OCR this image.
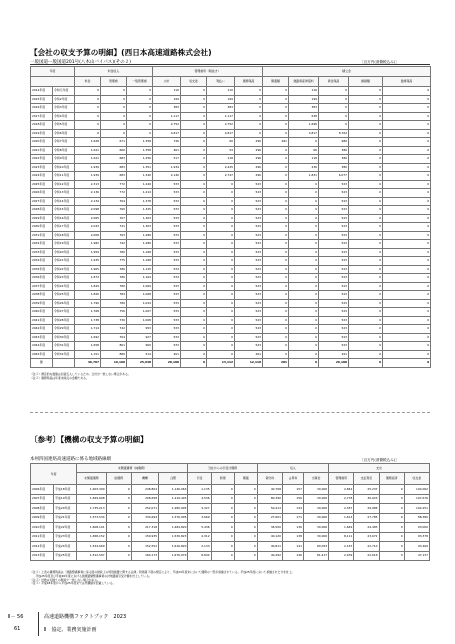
【会社の収支予算の明細】(西日本高速道路株式会社)
一般国道ー般国道201号(八木山バイパス)(その２)	［百万円(消費税込み)］
年度		料金収入			管理費用（税抜き）				積立金				
		料金	管理費	一般管理費	小計	収支差	利払い	債務残高	償還額	道路資産賃借料	資金残高	繰越額	最終残高
2014年度	令和元年度	0	0	0	110	0	110	0	0	116	0	0	0
2015年度	令和2年度	0	0	0	199	0	199	0	0	199	0	0	0
2016年度	令和3年度	0	0	0	383	0	383	0	0	383	0	0	0
2017年度	令和4年度	0	0	0	1,117	0	1,117	0	0	638	0	0	0
2018年度	令和5年度	0	0	0	2,752	0	2,752	0	0	1,696	0	0	0
2019年度	令和6年度	0	0	0	4,817	0	4,817	0	0	4,817	8,764	0	0
2020年度	令和7年度	1,628	671	1,358	746	0	60	296	281	0	980	0	0
2021年度	令和8年度	1,621	660	1,358	461	0	53	296	0	66	380	0	0
2022年度	令和9年度	1,621	683	1,256	517	0	118	296	0	118	380	0	0
2023年度	令和10年度	1,939	683	1,351	1,934	0	2,425	296	0	236	380	0	0
2024年度	令和11年度	1,939	683	1,340	2,140	0	2,747	296	0	1,831	6,077	0	0
2025年度	令和12年度	2,313	772	1,440	533	0	0	523	0	0	523	0	0
2026年度	令和13年度	2,136	772	1,414	533	0	0	523	0	0	523	0	0
2027年度	令和14年度	2,134	764	1,378	533	0	0	523	0	0	523	0	0
2028年度	令和15年度	2,098	760	1,325	533	0	0	523	0	0	523	0	0
2029年度	令和16年度	2,065	767	1,303	533	0	0	523	0	0	523	0	0
2030年度	令和17年度	2,043	741	1,303	533	0	0	523	0	0	523	0	0
2031年度	令和18年度	2,008	763	1,286	533	0	0	523	0	0	523	0	0
2032年度	令和19年度	1,982	742	1,286	533	0	0	523	0	0	523	0	0
2033年度	令和20年度	1,959	780	1,168	533	0	0	523	0	0	523	0	0
2034年度	令和21年度	1,935	775	1,168	533	0	0	523	0	0	523	0	0
2035年度	令和22年度	1,905	780	1,125	533	0	0	523	0	0	523	0	0
2036年度	令和23年度	1,873	780	1,104	533	0	0	523	0	0	523	0	0
2037年度	令和24年度	1,849	780	1,069	533	0	0	523	0	0	523	0	0
2038年度	令和25年度	1,826	784	1,068	533	0	0	523	0	0	523	0	0
2039年度	令和26年度	1,790	780	1,024	533	0	0	523	0	0	523	0	0
2040年度	令和27年度	1,768	756	1,007	533	0	0	523	0	0	523	0	0
2041年度	令和28年度	1,738	730	1,008	533	0	0	523	0	0	523	0	0
2042年度	令和29年度	1,714	742	953	533	0	0	523	0	0	523	0	0
2043年度	令和30年度	1,692	764	927	533	0	0	523	0	0	523	0	0
2044年度	令和31年度	1,658	861	900	533	0	0	523	0	0	523	0	0
2045年度	令和32年度	1,151	880	514	261	0	0	261	0	0	261	0	0
計		46,707	19,160	25,948	28,180	0	13,112	12,118	281	0	26,180	0	0
（注１）便宜的な数値は四捨五入しているため、合計が一致しない場合がある。
（注２）債務残高は年度末時点の金額である。
〔参考〕【機構の収支予算の明細】
本州四国連絡高速道路に係る地域路線網	［百万円(消費税込み)］
年度		未償還債務（純債務）				当社からの引受け債務			収入			支出			
		未償還債務	総債務	機構	注釈	引受	新規	償還	貸付料	占用料	出資金	管理費用	支払利息	債務返済	収支差
2006年度	平成18年度	1,903,300	0	248,804	1,146,063	1,135	0	0	40,768	157	30,000	2,842	25,237	0	192,062
2007年度	平成19年度	1,829,698	0	208,658	1,219,493	4,536	0	0	80,390	156	30,000	2,778	30,023	0	197,676
2008年度	平成20年度	1,735,213	0	252,071	1,280,905	4,327	0	0	50,413	134	30,000	2,357	29,985	0	104,251
2009年度	平成21年度	1,573,534	0	334,694	1,376,905	3,669	0	0	27,601	171	30,000	1,613	27,785	0	88,380
2010年度	平成22年度	1,608,101	0	217,318	1,484,820	5,436	0	0	36,500	136	30,000	1,849	24,483	0	93,000
2011年度	平成23年度	1,658,152	0	159,935	1,530,823	4,312	0	0	40,120	138	30,000	8,111	23,672	0	93,378
2012年度	平成24年度	1,534,669	0	152,552	1,616,820	2,133	0	0	40,811	141	80,053	2,167	22,710	0	93,469
2013年度	平成25年度	1,512,507	0	160,173	1,676,079	8,842	0	0	40,492	146	81,417	2,039	22,016	0	47,137
（注１）上表の債務残高は「道路整備事業に係る国の財政上の特別措置に関する法律」附則第３項の規定により、平成24年度末において債務の一部が承継されている。平成25年度において承継された分を計上。
　　平成25年度及び平成26年度における国道路網整備事業の対象路線引受け額を計上している。
（注２）計数は切捨ての関係で一致しない場合がある。
（注３）平成18年度から平成25年度までは実績値を記載している。
Ⅱ－ 56	高速道路機構ファクトブック　2023
61	Ⅱ　協定、業務実施計画
